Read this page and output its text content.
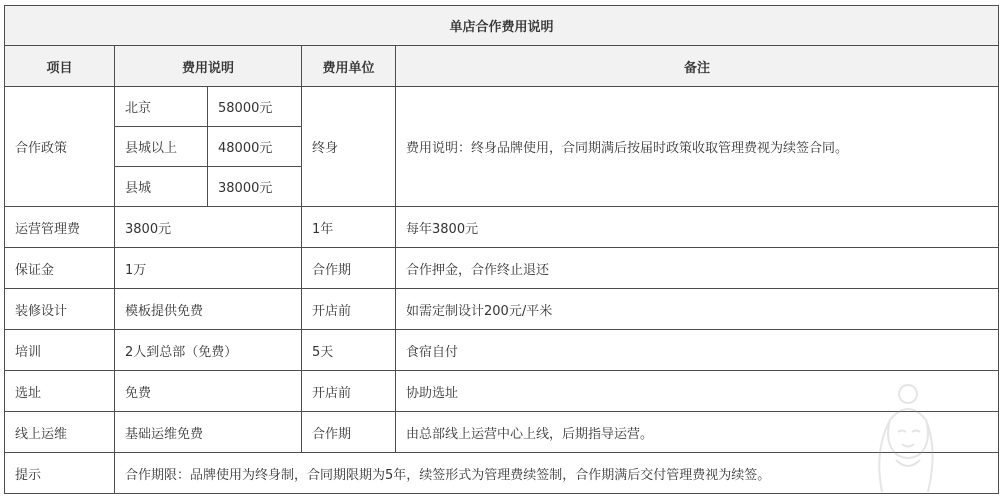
单店合作费用说明				
项目	费用说明		费用单位	备注
合作政策	北京	58000元	终身	费用说明：终身品牌使用，合同期满后按届时政策收取管理费视为续签合同。
	县城以上	48000元		
	县城	38000元		
运营管理费	3800元		1年	每年3800元
保证金	1万		合作期	合作押金，合作终止退还
装修设计	模板提供免费		开店前	如需定制设计200元/平米
培训	2人到总部（免费）		5天	食宿自付
选址	免费		开店前	协助选址
线上运维	基础运维免费		合作期	由总部线上运营中心上线，后期指导运营。
提示	合作期限：品牌使用为终身制，合同期限期为5年，续签形式为管理费续签制，合作期满后交付管理费视为续签。			
